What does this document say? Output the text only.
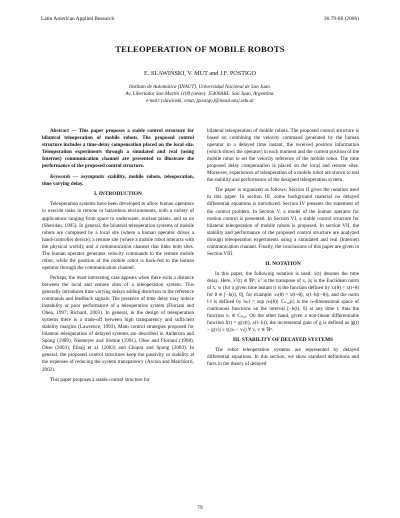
Latin American Applied Research	36:79-86 (2006)
TELEOPERATION OF MOBILE ROBOTS
E. SLAWIŃSKI, V. MUT and J.F. POSTIGO
Instituto de Automática (INAUT), Universidad Nacional de San Juan.
Av. Libertador San Martín 1109 (oeste). J5400ARL. San Juan, Argentina.
e-mail:{slawinski, vmut, jpostigo}@inaut.unsj.edu.ar

Abstract — This paper proposes a stable control structure for bilateral teleoperation of mobile robots. The proposed control structure includes a time-delay compensation placed on the local site. Teleoperation experiments through a simulated and real (using Internet) communication channel are presented to illustrate the performance of the proposed control structure.

Keywords — asymptotic stability, mobile robots, teleoperation, time varying delay.

I. INTRODUCTION

Teleoperation systems have been developed to allow human operators to execute tasks in remote or hazardous environments, with a variety of applications ranging from space to underwater, nuclear plants, and so on (Sheridan, 1995). In general, the bilateral teleoperation systems of mobile robots are composed by a local site (where a human operator drives a hand-controller device); a remote site (where a mobile robot interacts with the physical world); and a communication channel that links both sites. The human operator generates velocity commands to the remote mobile robot, while the position of the mobile robot is back-fed to the human operator through the communication channel.

Perhaps, the most interesting case appears when there exits a distance between the local and remote sites of a teleoperation system. This generally introduces time varying delays adding distortion in the reference commands and feedback signals. The presence of time delay may induce instability or poor performance of a teleoperation system (Floriani and Ohea, 1997; Richard, 2003). In general, in the design of teleoperation systems there is a trade-off between high transparency and sufficient stability margins (Lawrence, 1993). Main control strategies proposed for bilateral teleoperation of delayed systems are described in Anderson and Spong (1989), Niemeyer and Slotine (1991), Ohse and Floriani (1998), Ohse (2003), Elhajj et al. (2003) and Chopra and Spong (2003). In general, the proposed control structures keep the passivity or stability at the expenses of reducing the system transparency (Arcara and Melchiorri, 2002).

This paper proposes a stable control structure for

bilateral teleoperation of mobile robots. The proposed control structure is based on combining the velocity command generated by the human operator in a delayed time instant, the received position information (which shows the operator) in each moment and the current position of the mobile robot to set the velocity reference of the mobile robot. The time proposed delay compensation is placed on the local and remote sites. Moreover, experiences of teleoperation of a mobile robot are shown to test the stability and performance of the designed teleoperation system.

The paper is organized as follows: Section II gives the notation used in this paper. In section III, some background material on delayed differential equations is introduced. Section IV presents the statement of the control problem. In Section V, a model of the human operator for motion control is presented. In Section VI, a stable control structure for bilateral teleoperation of mobile robots is proposed. In section VII, the stability and performance of the proposed control structure are analyzed through teleoperation experiments using a simulated and real (Internet) communication channel. Finally, the conclusions of this paper are given in Section VIII.

II. NOTATION

In this paper, the following notation is used: ẋ(t) denotes the time delay. Here, xᵀ(t) ∈ ℜⁿ, xᵀ is the transpose of x, |x| is the Euclidean norm of x, xₜ (for a given time instant t) is the function defined by xₜ(θ) = x(t+θ) for θ ∈ [−h(t), 0], for example: xₜ(θ) = x(t+θ), x(t−h(t−θ)), and the norm ‖·‖ is defined by ‖xₜ‖ = sup |xₜ(θ)|. Cₙ,₀(t) is the n-dimensional space of continuous functions on the interval [−h(t), 0] at any time t, thus the function xₜ ∈ Cₙ,₀. On the other hand, given a non-linear differentiable function f(t) = g(x(t), x(t−h)), the incremental gain of g is defined as |g(t) − g(v)| ≤ γ(|xₜ − vₜ|) ∀ x, v ∈ ℜⁿ.

III. STABILITY OF DELAYED SYSTEMS

The robot teleoperation systems are represented by delayed differential equations. In this section, we show standard definitions and facts in the theory of delayed

79
